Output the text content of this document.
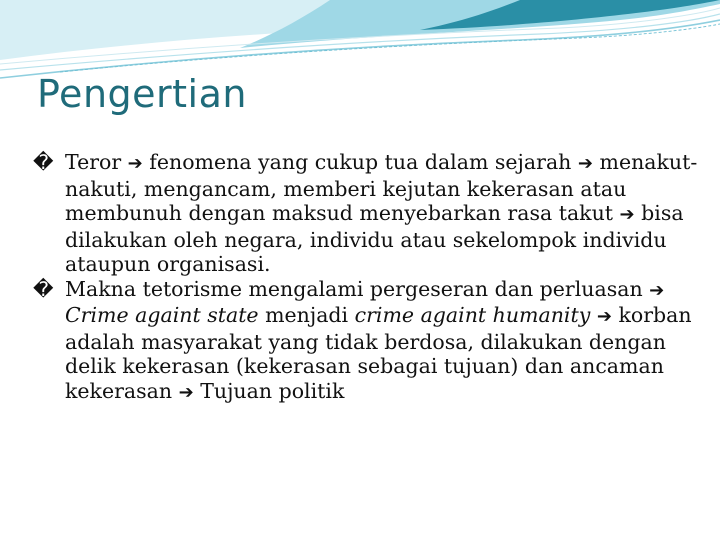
Pengertian

� Teror ➔ fenomena yang cukup tua dalam sejarah ➔ menakut-nakuti, mengancam, memberi kejutan kekerasan atau membunuh dengan maksud menyebarkan rasa takut ➔ bisa dilakukan oleh negara, individu atau sekelompok individu ataupun organisasi.

� Makna tetorisme mengalami pergeseran dan perluasan ➔ Crime againt state menjadi crime againt humanity ➔ korban adalah masyarakat yang tidak berdosa, dilakukan dengan delik kekerasan (kekerasan sebagai tujuan) dan ancaman kekerasan ➔ Tujuan politik
